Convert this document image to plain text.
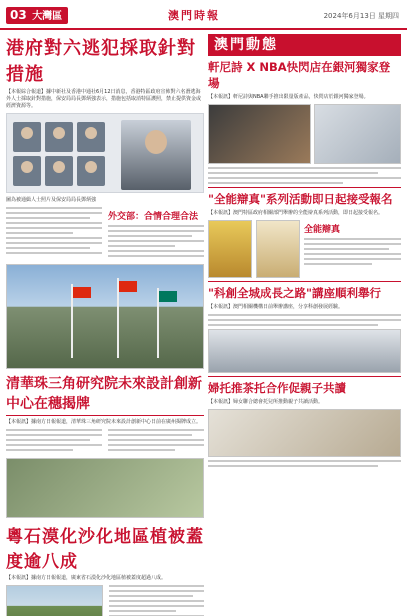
03 大灣區	澳門時報	2024年6月13日 星期四
港府對六逃犯採取針對措施
【本報綜合報道】據中新社及香港中通社6月12日消息，香港特區政府宣佈對六名潛逃海外人士採取針對措施，保安局局長鄧炳強表示，措施包括取消特區護照，禁止提供資金或經濟資源等。
圖為被通緝人士照片及保安局局長鄧炳強
外交部：合情合理合法
清華珠三角研究院未來設計創新中心在穗揭牌
【本報訊】據南方日報報道，清華珠三角研究院未來設計創新中心日前在廣州揭牌成立。
粵石漠化沙化地區植被蓋度逾八成
【本報訊】據南方日報報道，廣東省石漠化沙化地區植被蓋度超過八成。
澳門動態
軒尼詩 X NBA快閃店在銀河獨家登場
【本報訊】軒尼詩與NBA聯手推出限量版產品，快閃店於銀河獨家登場。
"全能辯真"系列活動即日起接受報名
【本報訊】澳門特區政府相關部門舉辦的全能辯真系列活動，即日起接受報名。
全能辯真
"科創全城成長之路"講座順利舉行
【本報訊】澳門相關機構日前舉辦講座，分享科創發展經驗。
婦托推茶托合作促親子共讀
【本報訊】婦女聯合總會托兒所推動親子共讀活動。
